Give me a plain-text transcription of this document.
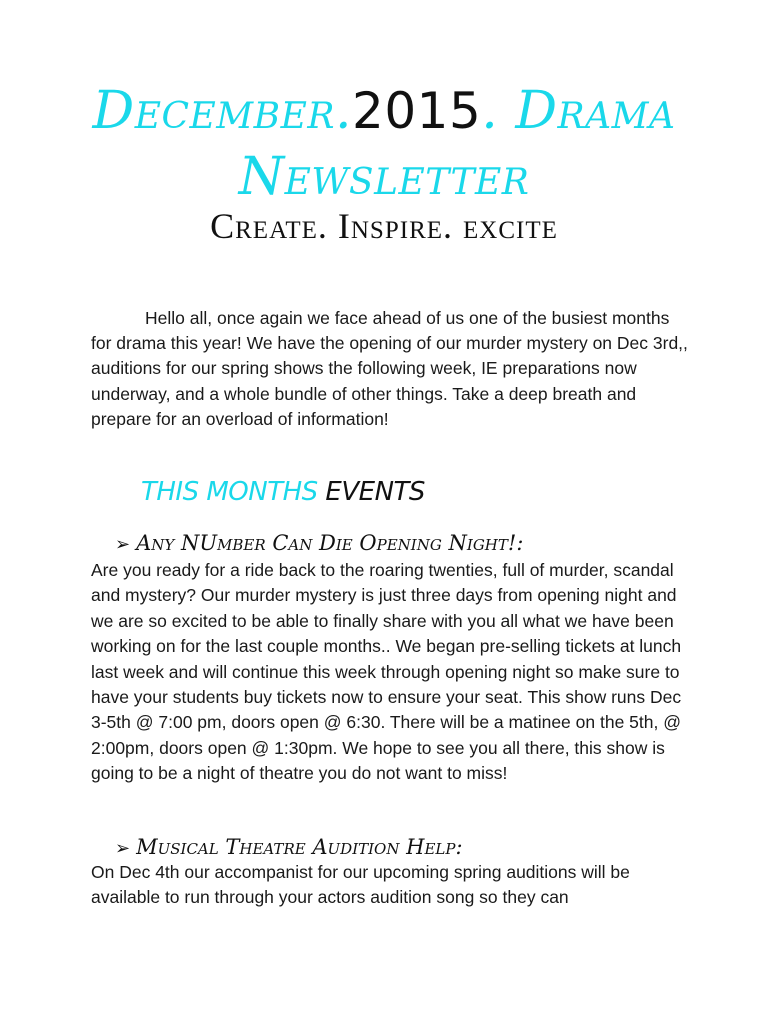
December.2015. Drama Newsletter
Create. Inspire. excite

Hello all, once again we face ahead of us one of the busiest months for drama this year! We have the opening of our murder mystery on Dec 3rd,, auditions for our spring shows the following week, IE preparations now underway, and a whole bundle of other things. Take a deep breath and prepare for an overload of information!

THIS MONTHS EVENTS
➢ Any NUmber Can Die Opening Night!:

Are you ready for a ride back to the roaring twenties, full of murder, scandal and mystery? Our murder mystery is just three days from opening night and we are so excited to be able to finally share with you all what we have been working on for the last couple months.. We began pre-selling tickets at lunch last week and will continue this week through opening night so make sure to have your students buy tickets now to ensure your seat. This show runs Dec 3-5th @ 7:00 pm, doors open @ 6:30. There will be a matinee on the 5th, @ 2:00pm, doors open @ 1:30pm. We hope to see you all there, this show is going to be a night of theatre you do not want to miss!

➢ Musical Theatre Audition Help:

On Dec 4th our accompanist for our upcoming spring auditions will be available to run through your actors audition song so they can
